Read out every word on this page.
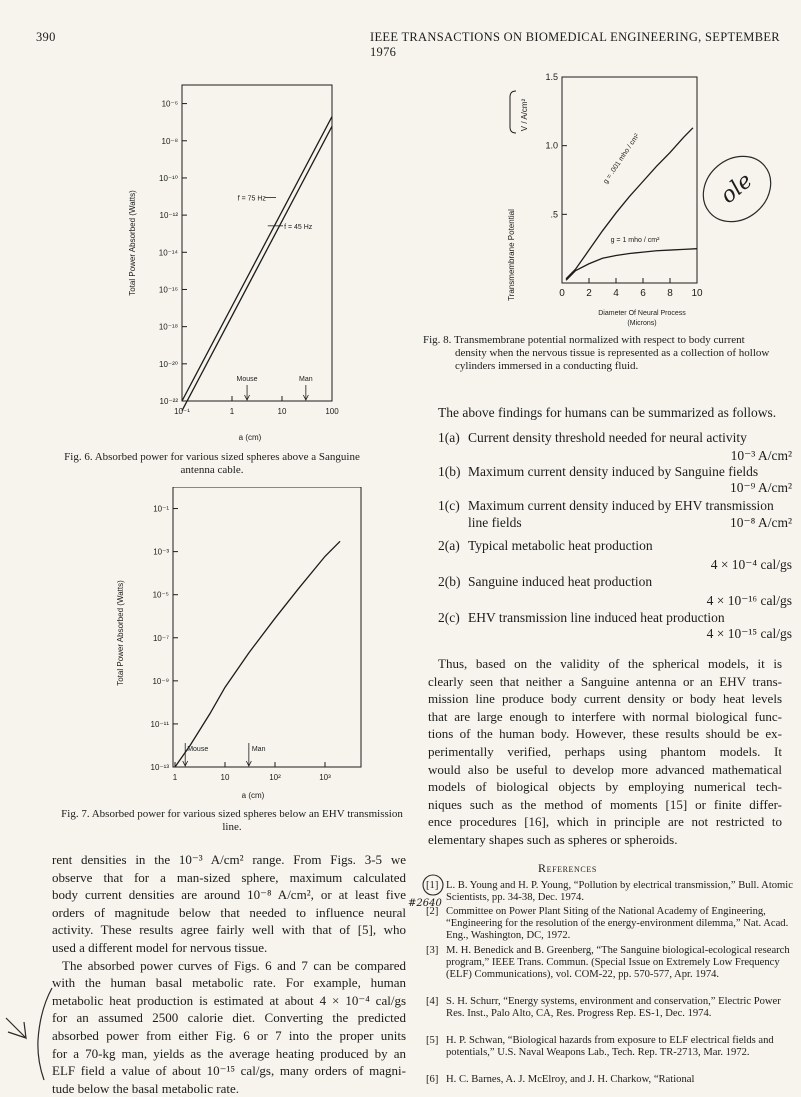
390	IEEE TRANSACTIONS ON BIOMEDICAL ENGINEERING, SEPTEMBER 1976
10⁻⁶
10⁻⁸
10⁻¹⁰
10⁻¹²
10⁻¹⁴
10⁻¹⁶
10⁻¹⁸
10⁻²⁰
10⁻²²
10⁻¹	1	10	100
Total Power Absorbed (Watts)
a (cm)
f = 75 Hz
f = 45 Hz
Mouse	Man
Fig. 6. Absorbed power for various sized spheres above a Sanguine antenna cable.
10⁻¹
10⁻³
10⁻⁵
10⁻⁷
10⁻⁹
10⁻¹¹
10⁻¹³
1	10	10²	10³
Total Power Absorbed (Watts)
a (cm)
Mouse	Man
Fig. 7. Absorbed power for various sized spheres below an EHV transmission line.
1.5
1.0
.5
0 2 4 6 8 10
Transmembrane Potential
V / A/cm²
Diameter Of Neural Process
(Microns)
g = .001 mho / cm²
g = 1 mho / cm²
Fig. 8. Transmembrane potential normalized with respect to body current density when the nervous tissue is represented as a collection of hollow cylinders immersed in a conducting fluid.
ole
The above findings for humans can be summarized as follows.
1(a) Current density threshold needed for neural activity
10⁻³ A/cm²
1(b) Maximum current density induced by Sanguine fields
10⁻⁹ A/cm²
1(c) Maximum current density induced by EHV transmission
line fields	10⁻⁸ A/cm²
2(a) Typical metabolic heat production
4 × 10⁻⁴ cal/gs
2(b) Sanguine induced heat production
4 × 10⁻¹⁶ cal/gs
2(c) EHV transmission line induced heat production
4 × 10⁻¹⁵ cal/gs
Thus, based on the validity of the spherical models, it is
clearly seen that neither a Sanguine antenna or an EHV trans-
mission line produce body current density or body heat levels
that are large enough to interfere with normal biological func-
tions of the human body. However, these results should be ex-
perimentally verified, perhaps using phantom models. It
would also be useful to develop more advanced mathematical
models of biological objects by employing numerical tech-
niques such as the method of moments [15] or finite differ-
ence procedures [16], which in principle are not restricted to
elementary shapes such as spheres or spheroids.
rent densities in the 10⁻³ A/cm² range. From Figs. 3-5 we
observe that for a man-sized sphere, maximum calculated
body current densities are around 10⁻⁸ A/cm², or at least five
orders of magnitude below that needed to influence neural
activity. These results agree fairly well with that of [5], who
used a different model for nervous tissue.
The absorbed power curves of Figs. 6 and 7 can be compared
with the human basal metabolic rate. For example, human
metabolic heat production is estimated at about 4 × 10⁻⁴ cal/gs
for an assumed 2500 calorie diet. Converting the predicted
absorbed power from either Fig. 6 or 7 into the proper units
for a 70-kg man, yields as the average heating produced by an
ELF field a value of about 10⁻¹⁵ cal/gs, many orders of magni-
tude below the basal metabolic rate.
References
[1] L. B. Young and H. P. Young, “Pollution by electrical transmission,” Bull. Atomic Scientists, pp. 34-38, Dec. 1974.
[2] Committee on Power Plant Siting of the National Academy of Engineering, “Engineering for the resolution of the energy-environment dilemma,” Nat. Acad. Eng., Washington, DC, 1972.
[3] M. H. Benedick and B. Greenberg, “The Sanguine biological-ecological research program,” IEEE Trans. Commun. (Special Issue on Extremely Low Frequency (ELF) Communications), vol. COM-22, pp. 570-577, Apr. 1974.
[4] S. H. Schurr, “Energy systems, environment and conservation,” Electric Power Res. Inst., Palo Alto, CA, Res. Progress Rep. ES-1, Dec. 1974.
[5] H. P. Schwan, “Biological hazards from exposure to ELF electrical fields and potentials,” U.S. Naval Weapons Lab., Tech. Rep. TR-2713, Mar. 1972.
[6] H. C. Barnes, A. J. McElroy, and J. H. Charkow, “Rational
#2640
